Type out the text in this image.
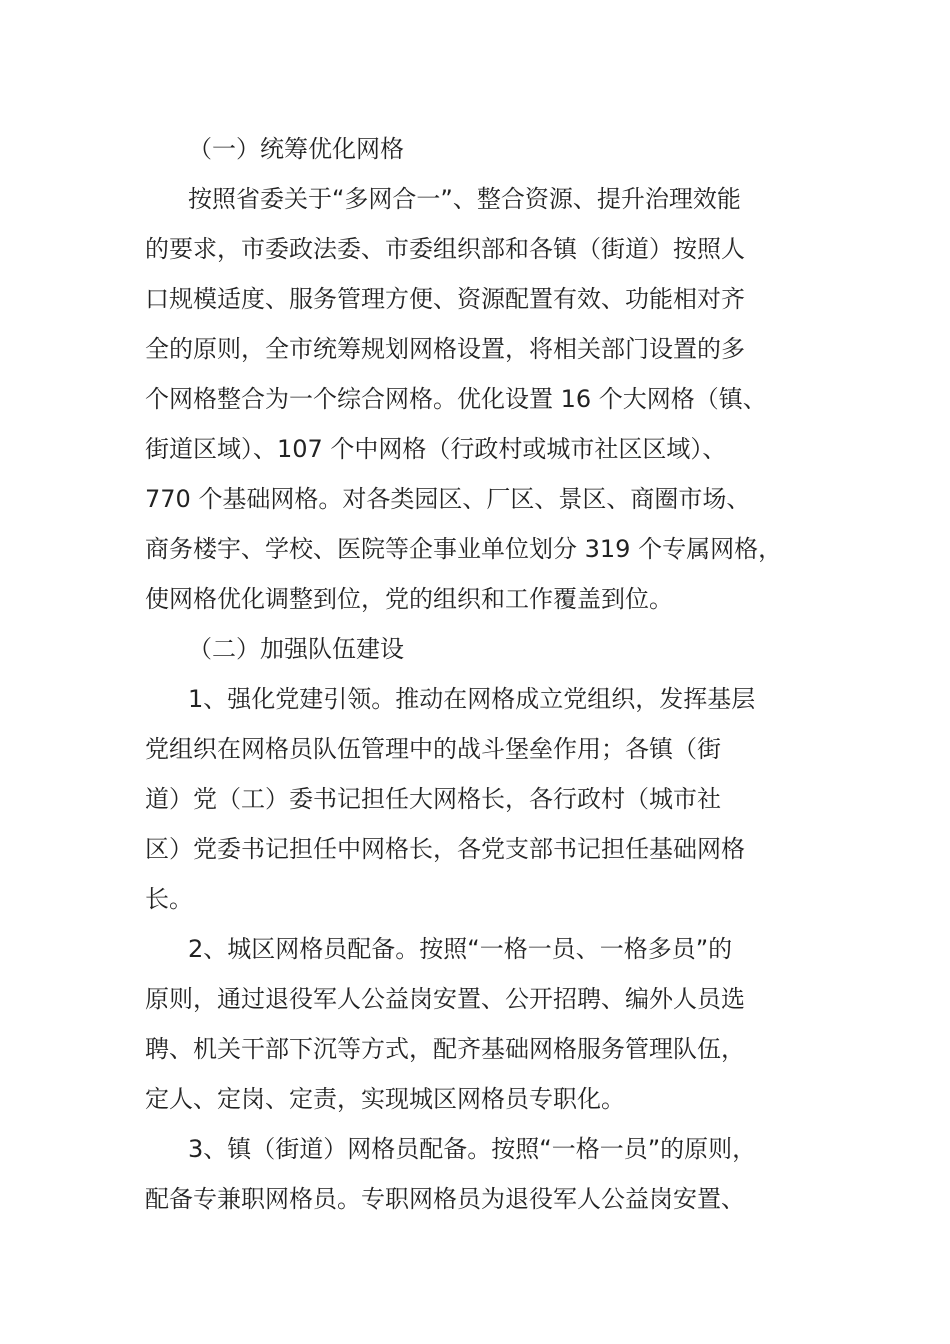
（一）统筹优化网格

按照省委关于“多网合一”、整合资源、提升治理效能

的要求，市委政法委、市委组织部和各镇（街道）按照人

口规模适度、服务管理方便、资源配置有效、功能相对齐

全的原则，全市统筹规划网格设置，将相关部门设置的多

个网格整合为一个综合网格。优化设置 16 个大网格（镇、

街道区域）、107 个中网格（行政村或城市社区区域）、

770 个基础网格。对各类园区、厂区、景区、商圈市场、

商务楼宇、学校、医院等企事业单位划分 319 个专属网格，

使网格优化调整到位，党的组织和工作覆盖到位。

（二）加强队伍建设

1、强化党建引领。推动在网格成立党组织，发挥基层

党组织在网格员队伍管理中的战斗堡垒作用；各镇（街

道）党（工）委书记担任大网格长，各行政村（城市社

区）党委书记担任中网格长，各党支部书记担任基础网格

长。

2、城区网格员配备。按照“一格一员、一格多员”的

原则，通过退役军人公益岗安置、公开招聘、编外人员选

聘、机关干部下沉等方式，配齐基础网格服务管理队伍，

定人、定岗、定责，实现城区网格员专职化。

3、镇（街道）网格员配备。按照“一格一员”的原则，

配备专兼职网格员。专职网格员为退役军人公益岗安置、
